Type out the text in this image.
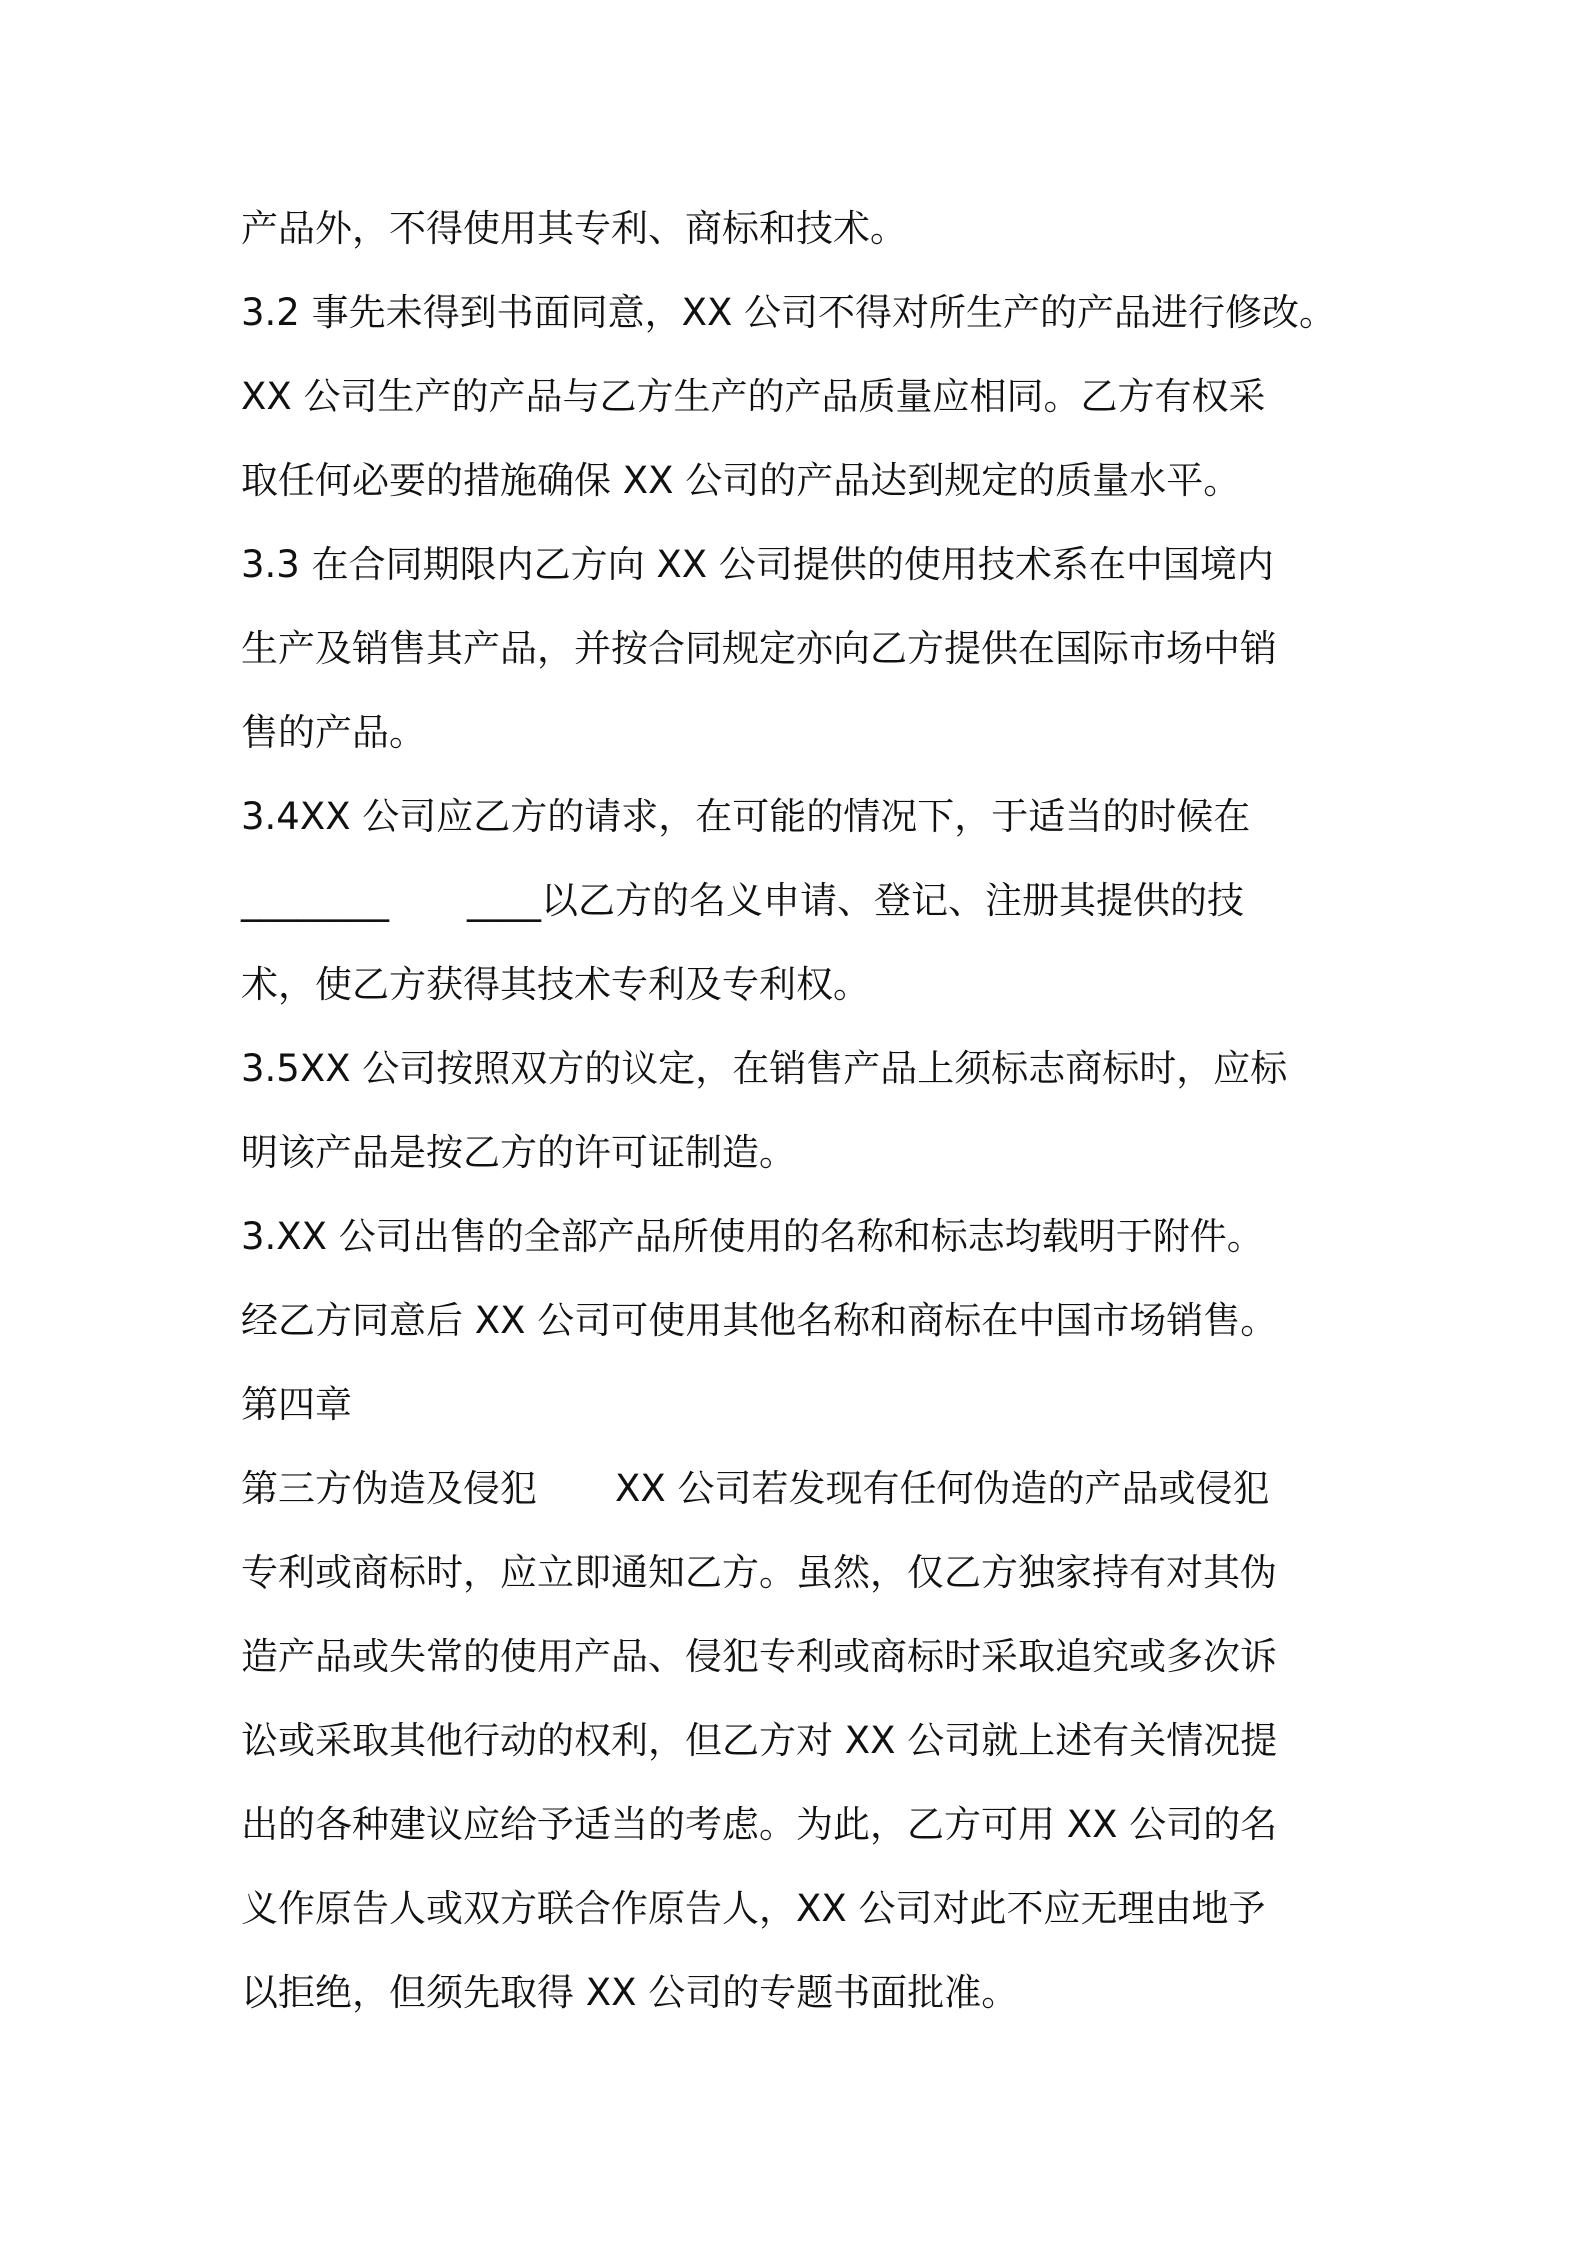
产品外，不得使用其专利、商标和技术。
3.2 事先未得到书面同意，XX 公司不得对所生产的产品进行修改。
XX 公司生产的产品与乙方生产的产品质量应相同。乙方有权采
取任何必要的措施确保 XX 公司的产品达到规定的质量水平。
3.3 在合同期限内乙方向 XX 公司提供的使用技术系在中国境内
生产及销售其产品，并按合同规定亦向乙方提供在国际市场中销
售的产品。
3.4XX 公司应乙方的请求，在可能的情况下，于适当的时候在
________ ____以乙方的名义申请、登记、注册其提供的技
术，使乙方获得其技术专利及专利权。
3.5XX 公司按照双方的议定，在销售产品上须标志商标时，应标
明该产品是按乙方的许可证制造。
3.XX 公司出售的全部产品所使用的名称和标志均载明于附件。
经乙方同意后 XX 公司可使用其他名称和商标在中国市场销售。
第四章
第三方伪造及侵犯 XX 公司若发现有任何伪造的产品或侵犯
专利或商标时，应立即通知乙方。虽然，仅乙方独家持有对其伪
造产品或失常的使用产品、侵犯专利或商标时采取追究或多次诉
讼或采取其他行动的权利，但乙方对 XX 公司就上述有关情况提
出的各种建议应给予适当的考虑。为此，乙方可用 XX 公司的名
义作原告人或双方联合作原告人，XX 公司对此不应无理由地予
以拒绝，但须先取得 XX 公司的专题书面批准。
